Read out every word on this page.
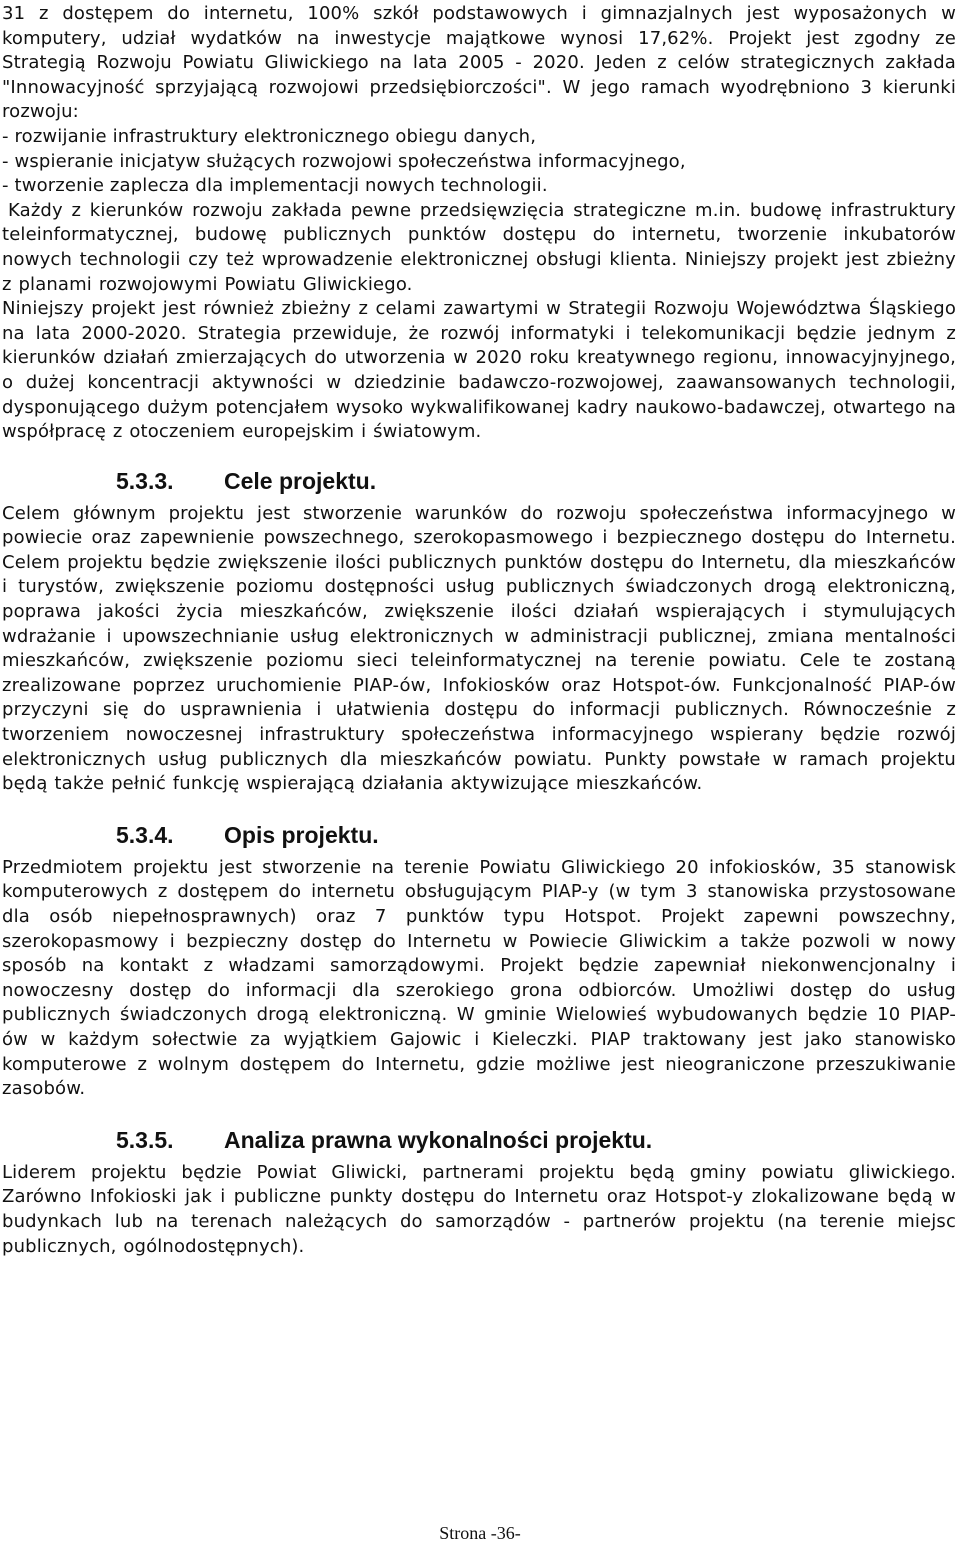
31 z dostępem do internetu, 100% szkół podstawowych i gimnazjalnych jest wyposażonych w komputery, udział wydatków na inwestycje majątkowe wynosi 17,62%. Projekt jest zgodny ze Strategią Rozwoju Powiatu Gliwickiego na lata 2005 - 2020. Jeden z celów strategicznych zakłada "Innowacyjność sprzyjającą rozwojowi przedsiębiorczości". W jego ramach wyodrębniono 3 kierunki rozwoju:

- rozwijanie infrastruktury elektronicznego obiegu danych,

- wspieranie inicjatyw służących rozwojowi społeczeństwa informacyjnego,

- tworzenie zaplecza dla implementacji nowych technologii.

Każdy z kierunków rozwoju zakłada pewne przedsięwzięcia strategiczne m.in. budowę infrastruktury teleinformatycznej, budowę publicznych punktów dostępu do internetu, tworzenie inkubatorów nowych technologii czy też wprowadzenie elektronicznej obsługi klienta. Niniejszy projekt jest zbieżny z planami rozwojowymi Powiatu Gliwickiego.

Niniejszy projekt jest również zbieżny z celami zawartymi w Strategii Rozwoju Województwa Śląskiego na lata 2000-2020. Strategia przewiduje, że rozwój informatyki i telekomunikacji będzie jednym z kierunków działań zmierzających do utworzenia w 2020 roku kreatywnego regionu, innowacyjnyjnego, o dużej koncentracji aktywności w dziedzinie badawczo-rozwojowej, zaawansowanych technologii, dysponującego dużym potencjałem wysoko wykwalifikowanej kadry naukowo-badawczej, otwartego na współpracę z otoczeniem europejskim i światowym.

5.3.3. Cele projektu.

Celem głównym projektu jest stworzenie warunków do rozwoju społeczeństwa informacyjnego w powiecie oraz zapewnienie powszechnego, szerokopasmowego i bezpiecznego dostępu do Internetu. Celem projektu będzie zwiększenie ilości publicznych punktów dostępu do Internetu, dla mieszkańców i turystów, zwiększenie poziomu dostępności usług publicznych świadczonych drogą elektroniczną, poprawa jakości życia mieszkańców, zwiększenie ilości działań wspierających i stymulujących wdrażanie i upowszechnianie usług elektronicznych w administracji publicznej, zmiana mentalności mieszkańców, zwiększenie poziomu sieci teleinformatycznej na terenie powiatu. Cele te zostaną zrealizowane poprzez uruchomienie PIAP-ów, Infokiosków oraz Hotspot-ów. Funkcjonalność PIAP-ów przyczyni się do usprawnienia i ułatwienia dostępu do informacji publicznych. Równocześnie z tworzeniem nowoczesnej infrastruktury społeczeństwa informacyjnego wspierany będzie rozwój elektronicznych usług publicznych dla mieszkańców powiatu. Punkty powstałe w ramach projektu będą także pełnić funkcję wspierającą działania aktywizujące mieszkańców.

5.3.4. Opis projektu.

Przedmiotem projektu jest stworzenie na terenie Powiatu Gliwickiego 20 infokiosków, 35 stanowisk komputerowych z dostępem do internetu obsługującym PIAP-y (w tym 3 stanowiska przystosowane dla osób niepełnosprawnych) oraz 7 punktów typu Hotspot. Projekt zapewni powszechny, szerokopasmowy i bezpieczny dostęp do Internetu w Powiecie Gliwickim a także pozwoli w nowy sposób na kontakt z władzami samorządowymi. Projekt będzie zapewniał niekonwencjonalny i nowoczesny dostęp do informacji dla szerokiego grona odbiorców. Umożliwi dostęp do usług publicznych świadczonych drogą elektroniczną. W gminie Wielowieś wybudowanych będzie 10 PIAP-ów w każdym sołectwie za wyjątkiem Gajowic i Kieleczki. PIAP traktowany jest jako stanowisko komputerowe z wolnym dostępem do Internetu, gdzie możliwe jest nieograniczone przeszukiwanie zasobów.

5.3.5. Analiza prawna wykonalności projektu.

Liderem projektu będzie Powiat Gliwicki, partnerami projektu będą gminy powiatu gliwickiego. Zarówno Infokioski jak i publiczne punkty dostępu do Internetu oraz Hotspot-y zlokalizowane będą w budynkach lub na terenach należących do samorządów - partnerów projektu (na terenie miejsc publicznych, ogólnodostępnych).

Strona -36-
